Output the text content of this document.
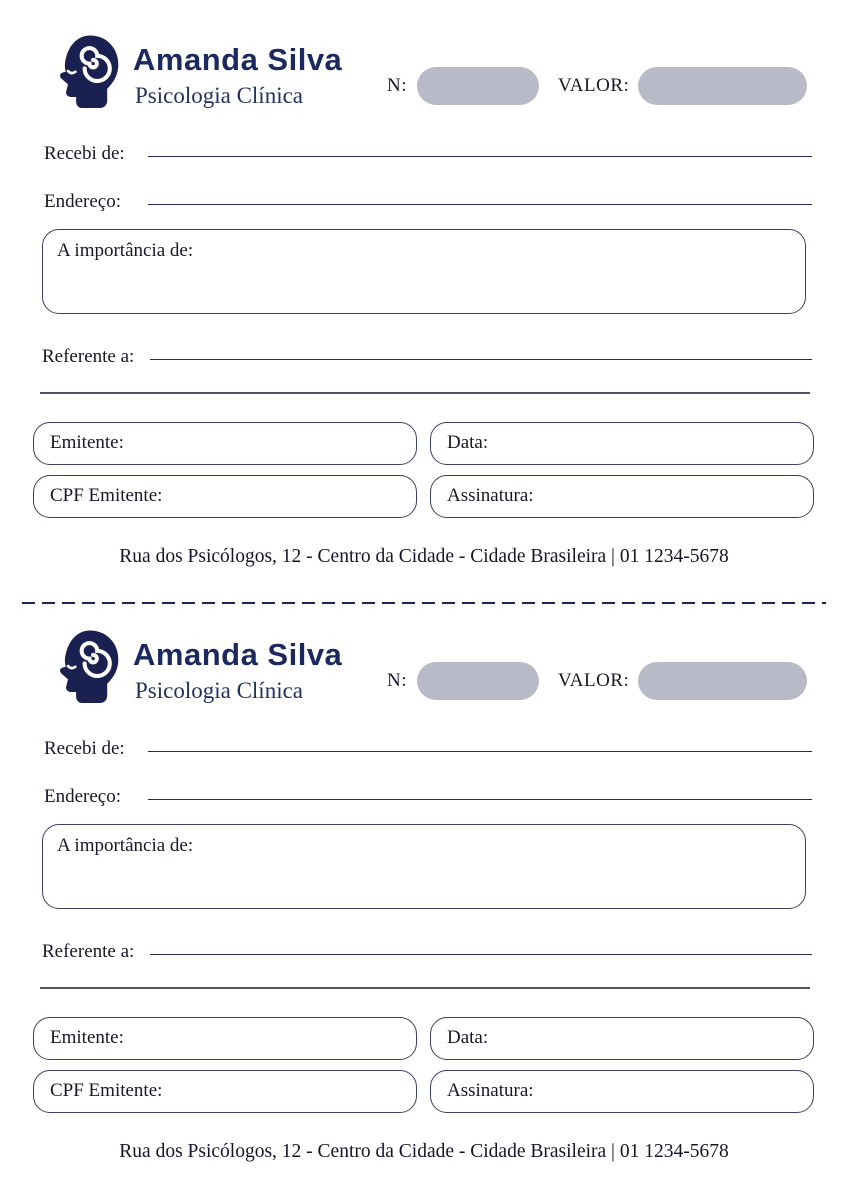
Amanda Silva
Psicologia Clínica	N:	VALOR:
Recebi de:
Endereço:
A importância de:
Referente a:
Emitente:	Data:
CPF Emitente:	Assinatura:
Rua dos Psicólogos, 12 - Centro da Cidade - Cidade Brasileira | 01 1234-5678
Amanda Silva
Psicologia Clínica	N:	VALOR:
Recebi de:
Endereço:
A importância de:
Referente a:
Emitente:	Data:
CPF Emitente:	Assinatura:
Rua dos Psicólogos, 12 - Centro da Cidade - Cidade Brasileira | 01 1234-5678
